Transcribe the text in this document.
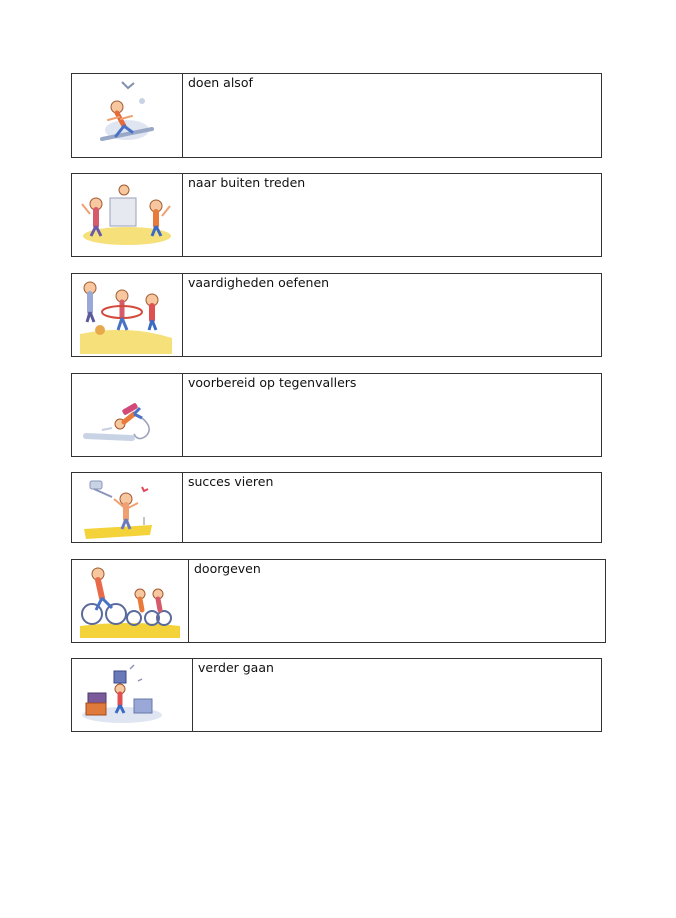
doen alsof
naar buiten treden
vaardigheden oefenen
voorbereid op tegenvallers
succes vieren
doorgeven
verder gaan
